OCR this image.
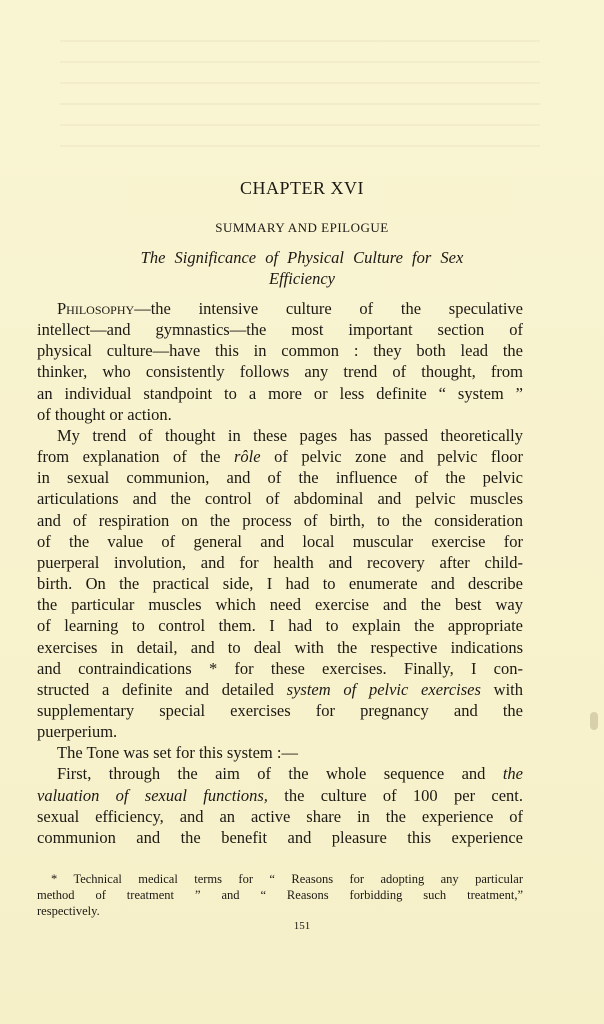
CHAPTER XVI
SUMMARY AND EPILOGUE
The Significance of Physical Culture for Sex
Efficiency
Philosophy—the intensive culture of the speculative
intellect—and gymnastics—the most important section of
physical culture—have this in common : they both lead the
thinker, who consistently follows any trend of thought, from
an individual standpoint to a more or less definite “ system ”
of thought or action.
My trend of thought in these pages has passed theoretically
from explanation of the rôle of pelvic zone and pelvic floor
in sexual communion, and of the influence of the pelvic
articulations and the control of abdominal and pelvic muscles
and of respiration on the process of birth, to the consideration
of the value of general and local muscular exercise for
puerperal involution, and for health and recovery after child-
birth. On the practical side, I had to enumerate and describe
the particular muscles which need exercise and the best way
of learning to control them. I had to explain the appropriate
exercises in detail, and to deal with the respective indications
and contraindications * for these exercises. Finally, I con-
structed a definite and detailed system of pelvic exercises with
supplementary special exercises for pregnancy and the
puerperium.
The Tone was set for this system :—
First, through the aim of the whole sequence and the
valuation of sexual functions, the culture of 100 per cent.
sexual efficiency, and an active share in the experience of
communion and the benefit and pleasure this experience
* Technical medical terms for “ Reasons for adopting any particular
method of treatment ” and “ Reasons forbidding such treatment,”
respectively.
151
